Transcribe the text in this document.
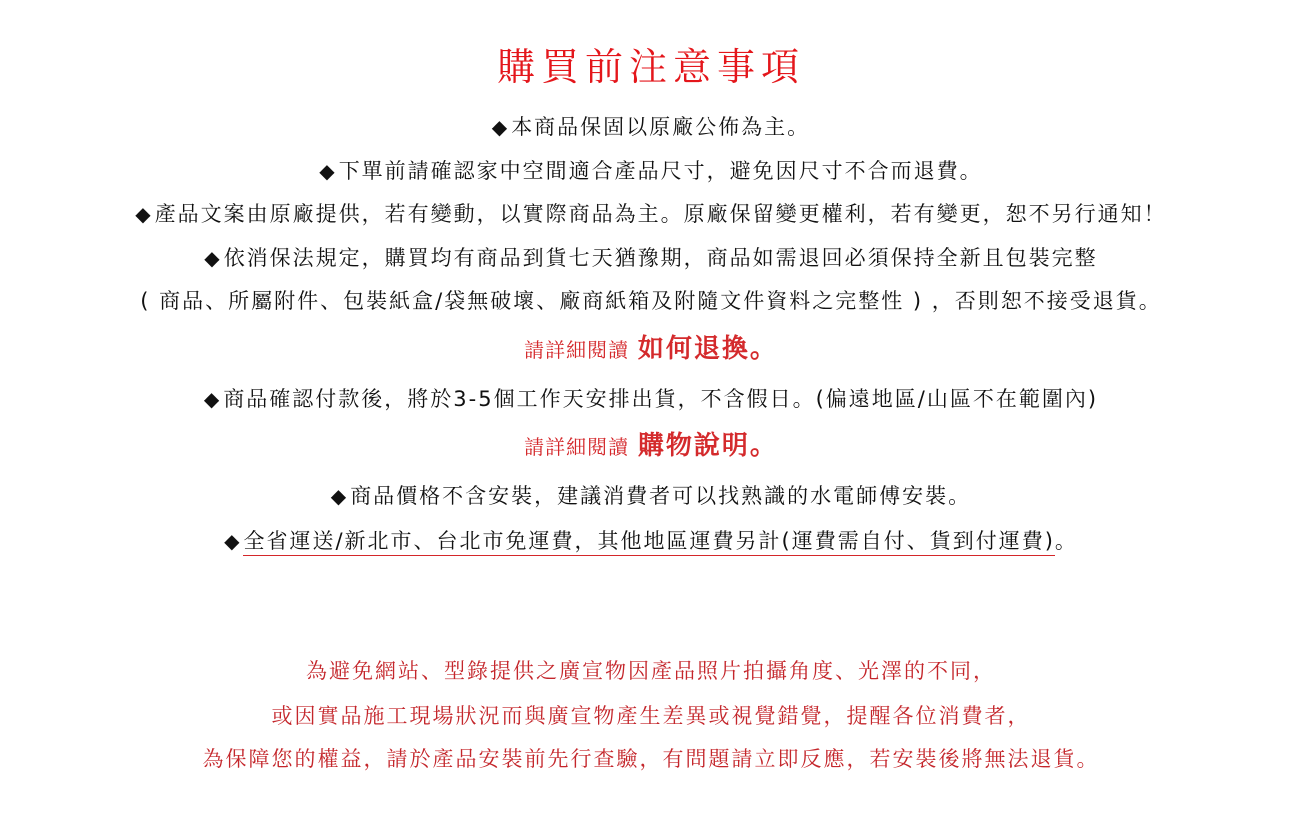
購買前注意事項
◆本商品保固以原廠公佈為主。
◆下單前請確認家中空間適合產品尺寸，避免因尺寸不合而退費。
◆產品文案由原廠提供，若有變動，以實際商品為主。原廠保留變更權利，若有變更，恕不另行通知！
◆依消保法規定，購買均有商品到貨七天猶豫期，商品如需退回必須保持全新且包裝完整
( 商品、所屬附件、包裝紙盒/袋無破壞、廠商紙箱及附隨文件資料之完整性 ) ，否則恕不接受退貨。
請詳細閱讀 如何退換。
◆商品確認付款後，將於3-5個工作天安排出貨，不含假日。(偏遠地區/山區不在範圍內)
請詳細閱讀 購物說明。
◆商品價格不含安裝，建議消費者可以找熟識的水電師傅安裝。
◆全省運送/新北市、台北市免運費，其他地區運費另計(運費需自付、貨到付運費)。
為避免網站、型錄提供之廣宣物因產品照片拍攝角度、光澤的不同，
或因實品施工現場狀況而與廣宣物產生差異或視覺錯覺，提醒各位消費者，
為保障您的權益，請於產品安裝前先行查驗，有問題請立即反應，若安裝後將無法退貨。
